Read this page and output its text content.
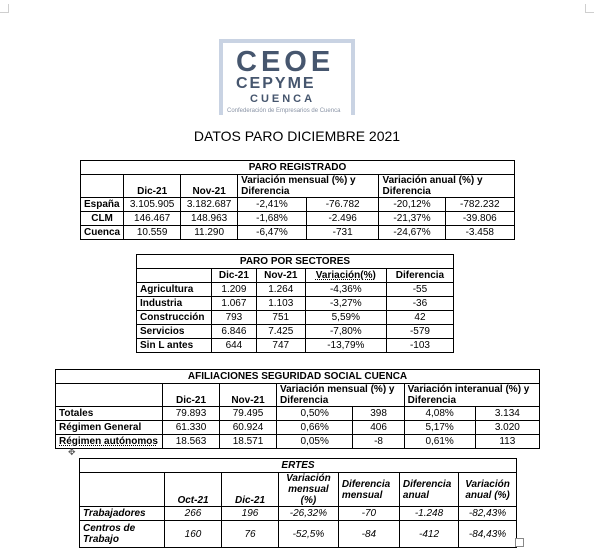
CEOE
CEPYME
CUENCA
Confederación de Empresarios de Cuenca
DATOS PARO DICIEMBRE 2021
PARO REGISTRADO						
	Dic-21	Nov-21	Variación mensual (%) y Diferencia		Variación anual (%) y Diferencia	
España	3.105.905	3.182.687	-2,41%	-76.782	-20,12%	-782.232
CLM	146.467	148.963	-1,68%	-2.496	-21,37%	-39.806
Cuenca	10.559	11.290	-6,47%	-731	-24,67%	-3.458
PARO POR SECTORES				
	Dic-21	Nov-21	Variación(%)	Diferencia
Agricultura	1.209	1.264	-4,36%	-55
Industria	1.067	1.103	-3,27%	-36
Construcción	793	751	5,59%	42
Servicios	6.846	7.425	-7,80%	-579
Sin L antes	644	747	-13,79%	-103
AFILIACIONES SEGURIDAD SOCIAL CUENCA						
	Dic-21	Nov-21	Variación mensual (%) y Diferencia		Variación interanual (%) y Diferencia	
Totales	79.893	79.495	0,50%	398	4,08%	3.134
Régimen General	61.330	60.924	0,66%	406	5,17%	3.020
Régimen autónomos	18.563	18.571	0,05%	-8	0,61%	113
✥
ERTES						
	Oct-21	Dic-21	Variación mensual (%)	Diferencia mensual	Diferencia anual	Variación anual (%)
Trabajadores	266	196	-26,32%	-70	-1.248	-82,43%
Centros de Trabajo	160	76	-52,5%	-84	-412	-84,43%
